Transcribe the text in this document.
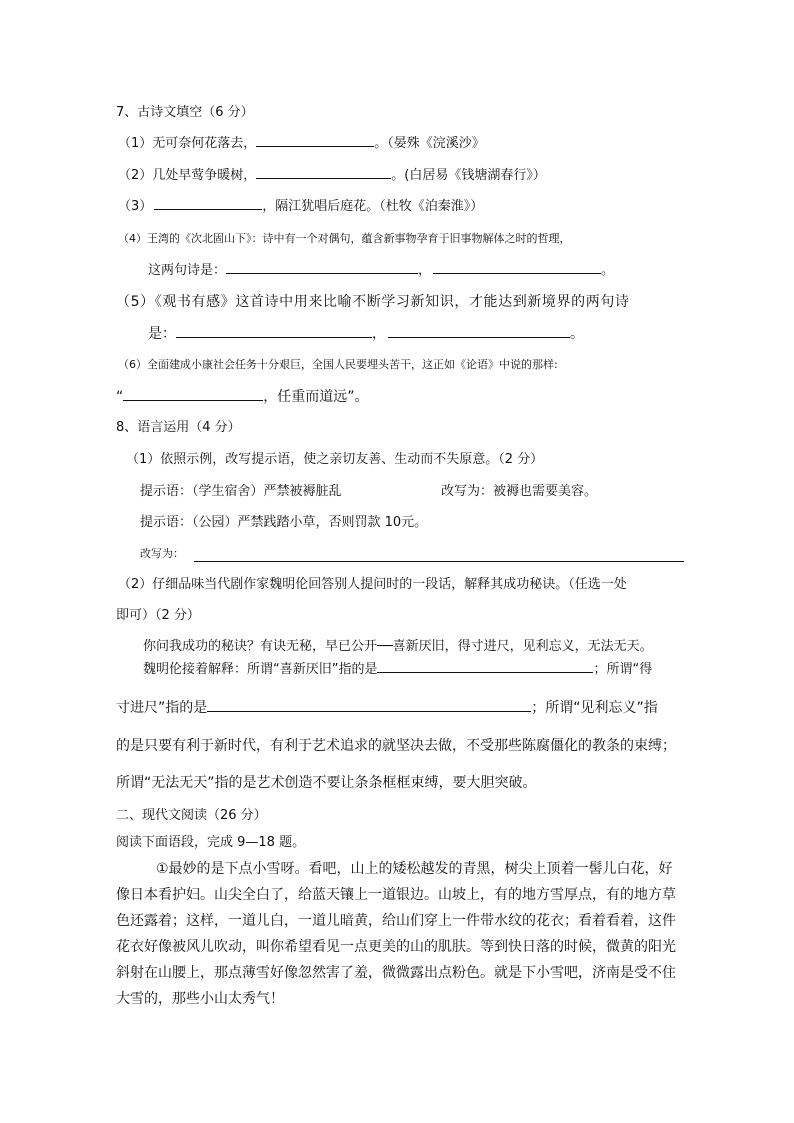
7、古诗文填空（6 分）
（1）无可奈何花落去，	。（晏殊《浣溪沙》
（2）几处早莺争暖树，	。(白居易《钱塘湖春行》）
（3）	，隔江犹唱后庭花。（杜牧《泊秦淮》）
（4）王湾的《次北固山下》：诗中有一个对偶句，蕴含新事物孕育于旧事物解体之时的哲理，
这两句诗是：	，	。
（5）《观书有感》这首诗中用来比喻不断学习新知识，才能达到新境界的两句诗
是：	，	。
（6）全面建成小康社会任务十分艰巨，全国人民要埋头苦干，这正如《论语》中说的那样:
“	，任重而道远”。
8、语言运用（4 分）
（1）依照示例，改写提示语，使之亲切友善、生动而不失原意。（2 分）
提示语：（学生宿舍）严禁被褥脏乱	改写为：被褥也需要美容。
提示语：（公园）严禁践踏小草，否则罚款 10元。
改写为：
（2）仔细品味当代剧作家魏明伦回答别人提问时的一段话，解释其成功秘诀。（任选一处
即可）（2 分）
你问我成功的秘诀？有诀无秘，早已公开──喜新厌旧，得寸进尺，见利忘义，无法无天。
魏明伦接着解释：所谓“喜新厌旧”指的是	；所谓“得
寸进尺”指的是	；所谓“见利忘义”指
的是只要有利于新时代，有利于艺术追求的就坚决去做，不受那些陈腐僵化的教条的束缚；
所谓“无法无天”指的是艺术创造不要让条条框框束缚，要大胆突破。
二、现代文阅读（26 分）
阅读下面语段，完成 9—18 题。
①最妙的是下点小雪呀。看吧，山上的矮松越发的青黑，树尖上顶着一髻儿白花，好
像日本看护妇。山尖全白了，给蓝天镶上一道银边。山坡上，有的地方雪厚点，有的地方草
色还露着；这样，一道儿白，一道儿暗黄，给山们穿上一件带水纹的花衣；看着看着，这件
花衣好像被风儿吹动，叫你希望看见一点更美的山的肌肤。等到快日落的时候，微黄的阳光
斜射在山腰上，那点薄雪好像忽然害了羞，微微露出点粉色。就是下小雪吧，济南是受不住
大雪的，那些小山太秀气！
